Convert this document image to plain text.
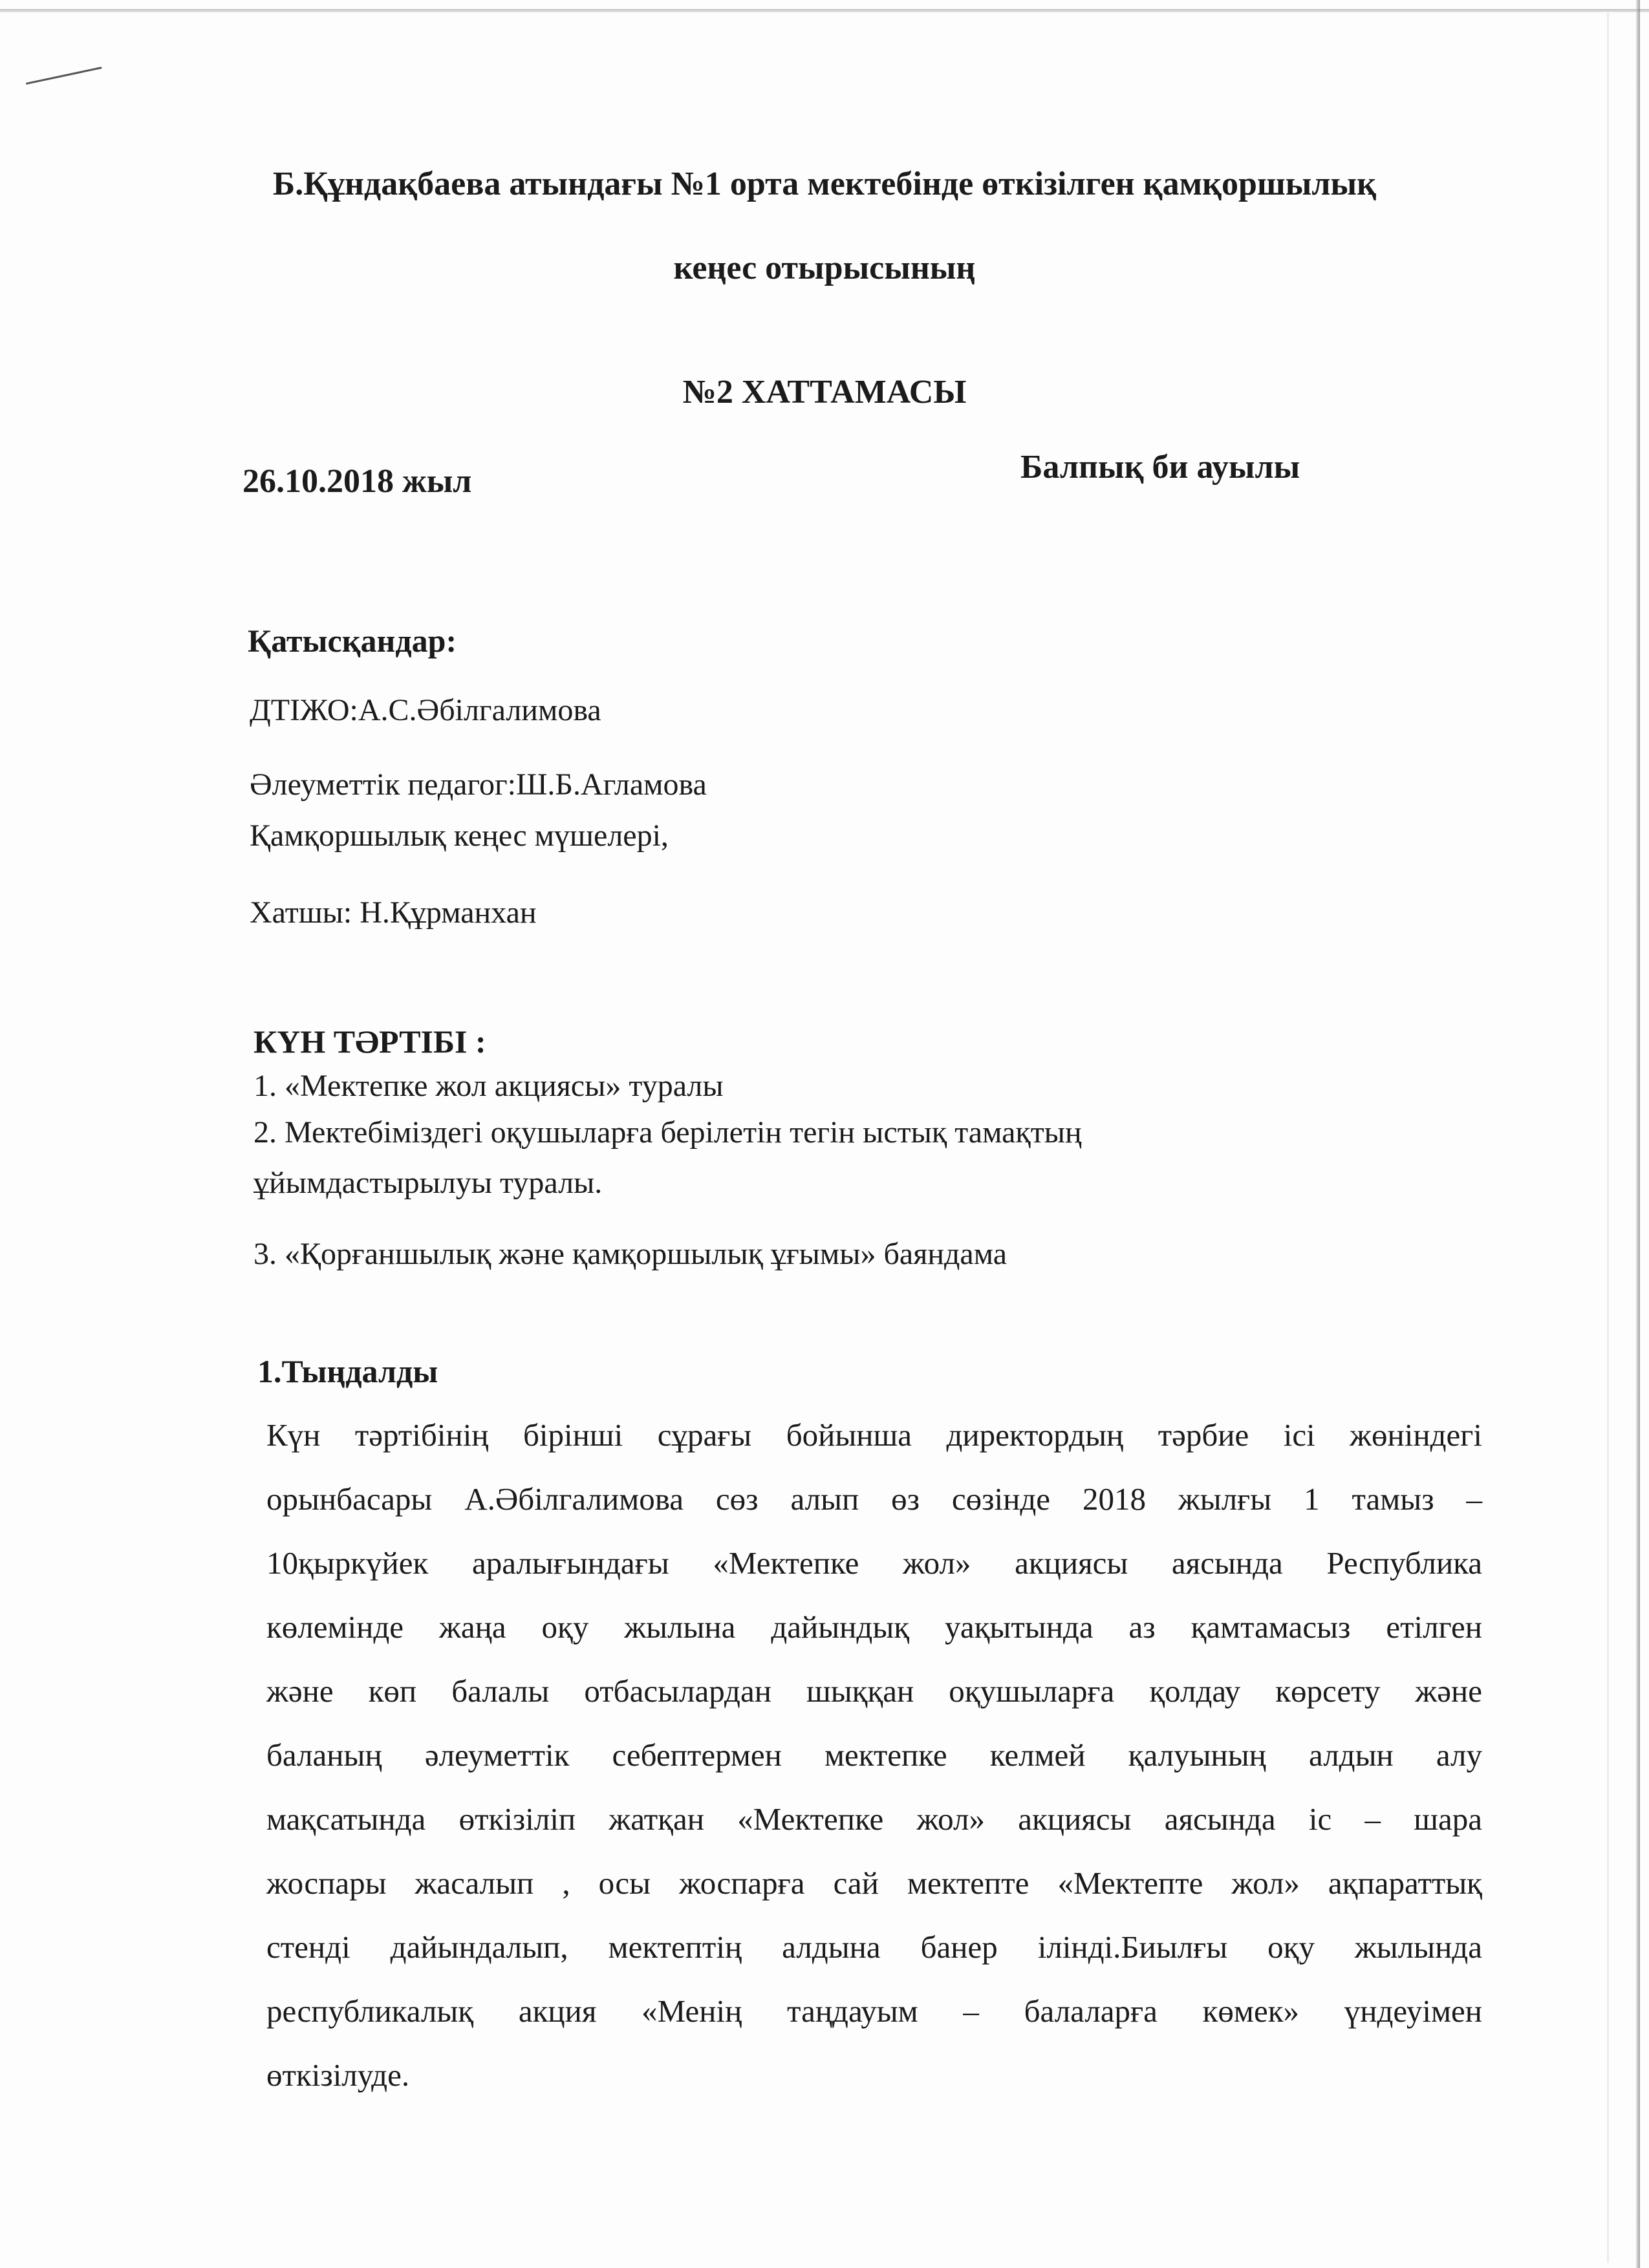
Б.Құндақбаева атындағы №1 орта мектебінде өткізілген қамқоршылық
кеңес отырысының
№2 ХАТТАМАСЫ
26.10.2018 жыл	Балпық би ауылы
Қатысқандар:
ДТІЖО:А.С.Әбілгалимова
Әлеуметтік педагог:Ш.Б.Агламова
Қамқоршылық кеңес мүшелері,
Хатшы: Н.Құрманхан
КҮН ТӘРТІБІ :
1. «Мектепке жол акциясы» туралы
2. Мектебіміздегі оқушыларға берілетін тегін ыстық тамақтың
ұйымдастырылуы туралы.
3. «Қорғаншылық және қамқоршылық ұғымы» баяндама
1.Тыңдалды
Күн тәртібінің бірінші сұрағы бойынша директордың тәрбие ісі жөніндегі
орынбасары А.Әбілгалимова сөз алып өз сөзінде 2018 жылғы 1 тамыз –
10қыркүйек аралығындағы «Мектепке жол» акциясы аясында Республика
көлемінде жаңа оқу жылына дайындық уақытында аз қамтамасыз етілген
және көп балалы отбасылардан шыққан оқушыларға қолдау көрсету және
баланың әлеуметтік себептермен мектепке келмей қалуының алдын алу
мақсатында өткізіліп жатқан «Мектепке жол» акциясы аясында іс – шара
жоспары жасалып , осы жоспарға сай мектепте «Мектепте жол» ақпараттық
стенді дайындалып, мектептің алдына банер ілінді.Биылғы оқу жылында
республикалық акция «Менің таңдауым – балаларға көмек» үндеуімен
өткізілуде.
